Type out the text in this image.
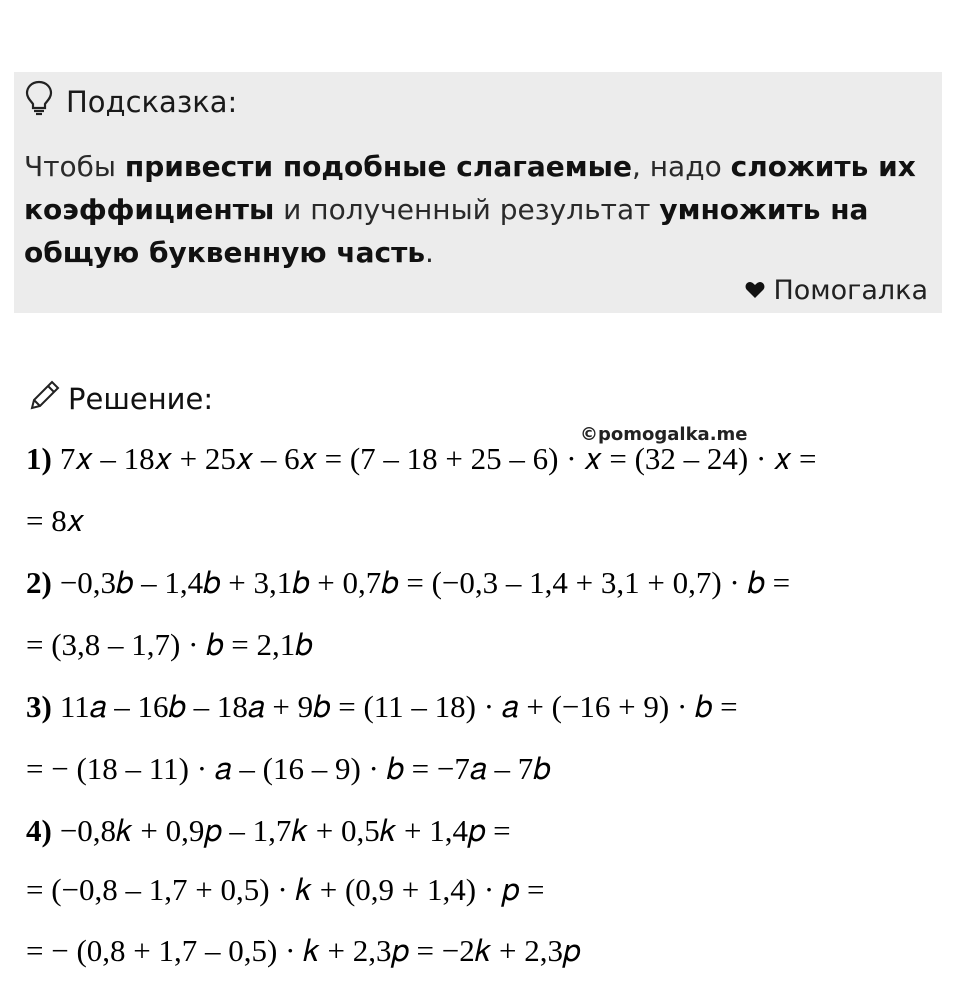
Подсказка:
Чтобы привести подобные слагаемые, надо сложить их коэффициенты и полученный результат умножить на общую буквенную часть.
Помогалка
Решение:
©pomogalka.me
1) 7𝑥 – 18𝑥 + 25𝑥 – 6𝑥 = (7 – 18 + 25 – 6) · 𝑥 = (32 – 24) · 𝑥 =
= 8𝑥
2) −0,3𝑏 – 1,4𝑏 + 3,1𝑏 + 0,7𝑏 = (−0,3 – 1,4 + 3,1 + 0,7) · 𝑏 =
= (3,8 – 1,7) · 𝑏 = 2,1𝑏
3) 11𝑎 – 16𝑏 – 18𝑎 + 9𝑏 = (11 – 18) · 𝑎 + (−16 + 9) · 𝑏 =
= − (18 – 11) · 𝑎 – (16 – 9) · 𝑏 = −7𝑎 – 7𝑏
4) −0,8𝑘 + 0,9𝑝 – 1,7𝑘 + 0,5𝑘 + 1,4𝑝 =
= (−0,8 – 1,7 + 0,5) · 𝑘 + (0,9 + 1,4) · 𝑝 =
= − (0,8 + 1,7 – 0,5) · 𝑘 + 2,3𝑝 = −2𝑘 + 2,3𝑝
